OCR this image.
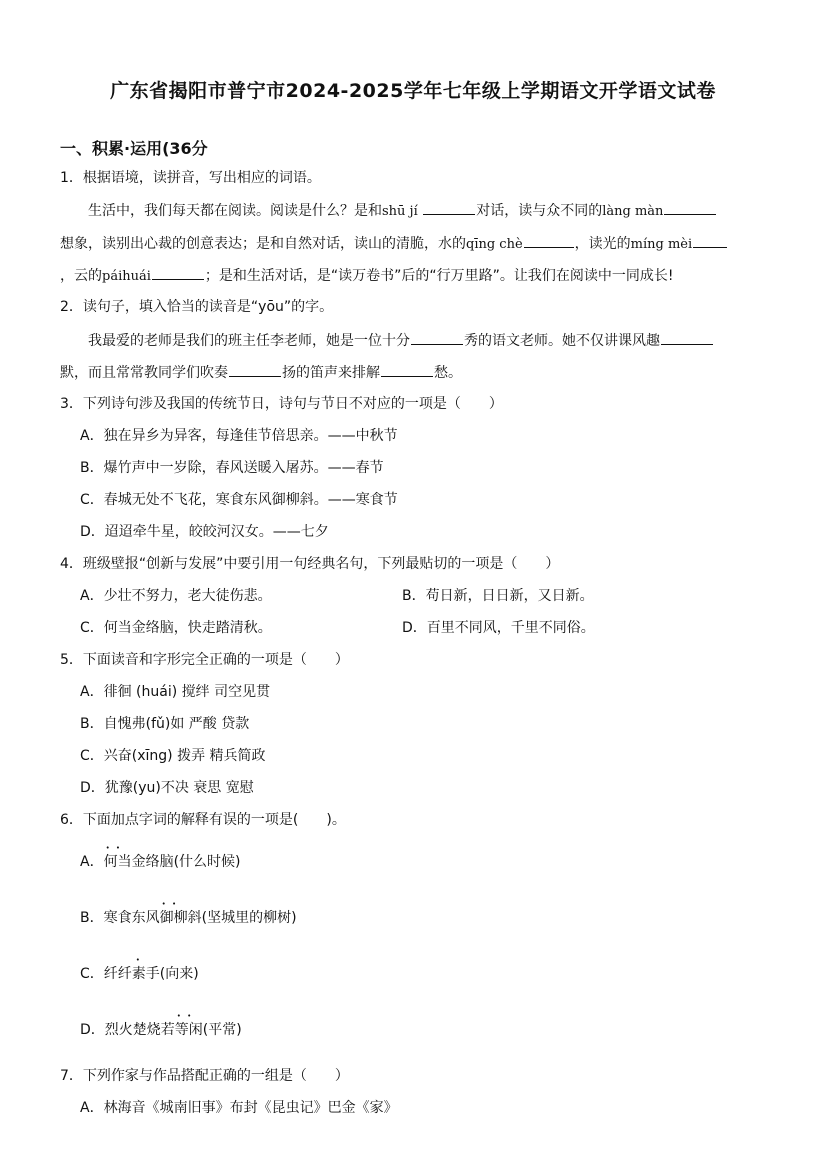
广东省揭阳市普宁市2024-2025学年七年级上学期语文开学语文试卷
一、积累·运用(36分
1．根据语境，读拼音，写出相应的词语。
生活中，我们每天都在阅读。阅读是什么？是和shū jí	对话，读与众不同的làng màn
想象，读别出心裁的创意表达；是和自然对话，读山的清脆，水的qīng chè	，读光的míng mèi
，云的páihuái	；是和生活对话，是“读万卷书”后的“行万里路”。让我们在阅读中一同成长!
2．读句子，填入恰当的读音是“yōu”的字。
我最爱的老师是我们的班主任李老师，她是一位十分	秀的语文老师。她不仅讲课风趣
默，而且常常教同学们吹奏	扬的笛声来排解	愁。
3．下列诗句涉及我国的传统节日，诗句与节日不对应的一项是（　　）
A．独在异乡为异客，每逢佳节倍思亲。——中秋节
B．爆竹声中一岁除，春风送暖入屠苏。——春节
C．春城无处不飞花，寒食东风御柳斜。——寒食节
D．迢迢牵牛星，皎皎河汉女。——七夕
4．班级壁报“创新与发展”中要引用一句经典名句，下列最贴切的一项是（　　）
A．少壮不努力，老大徒伤悲。	B．苟日新，日日新，又日新。
C．何当金络脑，快走踏清秋。	D．百里不同风，千里不同俗。
5．下面读音和字形完全正确的一项是（　　）
A．徘徊 (huái) 搅绊 司空见贯
B．自愧弗(fǔ)如 严酸 贷款
C．兴奋(xīng) 拨弄 精兵简政
D．犹豫(yu)不决 衰思 宽慰
6．下面加点字词的解释有误的一项是(　　)。
A．• • 何当金络脑(什么时候)
B．寒食东风• • 御柳斜(坚城里的柳树)
C．纤纤素手(向来)
D．烈火楚烧若• • 等闲(平常)
7．下列作家与作品搭配正确的一组是（　　）
A．林海音《城南旧事》布封《昆虫记》巴金《家》
